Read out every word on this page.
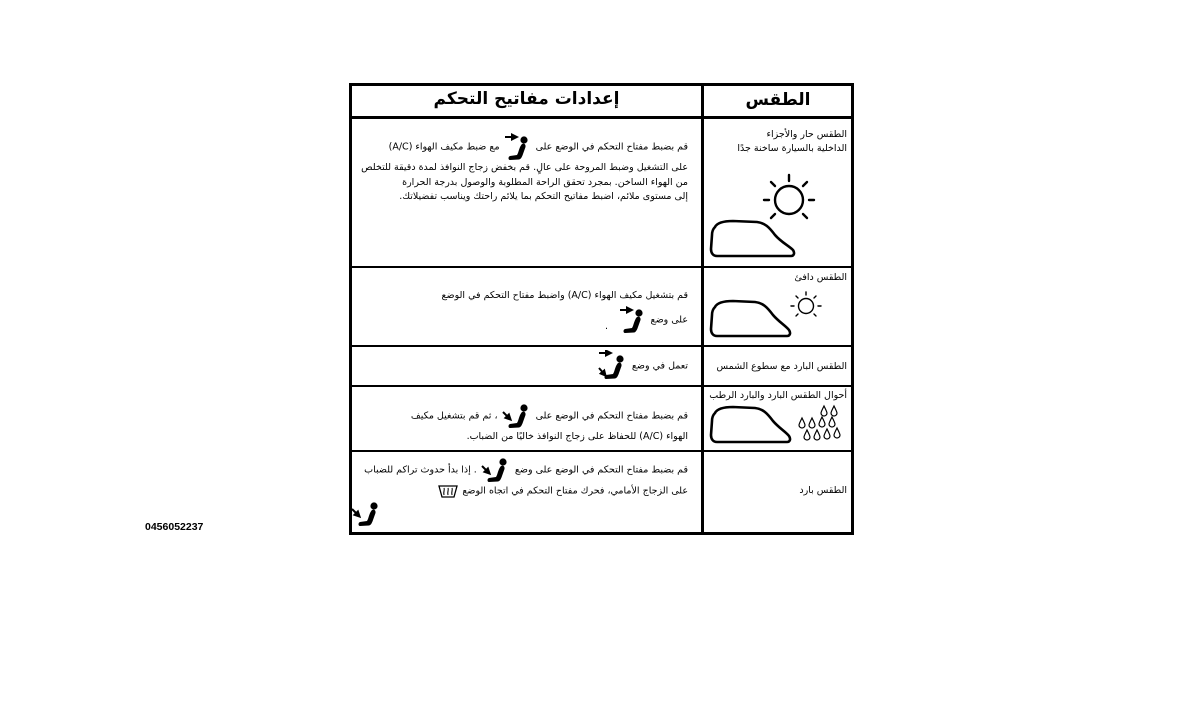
الطقس
إعدادات مفاتيح التحكم
الطقس حار والأجزاء
الداخلية بالسيارة ساخنة جدًا
قم بضبط مفتاح التحكم في الوضع على  مع ضبط مكيف الهواء (A/C)
على التشغيل وضبط المروحة على عالٍ. قم بخفض زجاج النوافذ لمدة دقيقة للتخلص
من الهواء الساخن. بمجرد تحقق الراحة المطلوبة والوصول بدرجة الحرارة
إلى مستوى ملائم، اضبط مفاتيح التحكم بما يلائم راحتك ويناسب تفضيلاتك.
الطقس دافئ
قم بتشغيل مكيف الهواء (A/C) واضبط مفتاح التحكم في الوضع
على وضع
.
الطقس البارد مع سطوع الشمس
تعمل في وضع
أحوال الطقس البارد والبارد الرطب
قم بضبط مفتاح التحكم في الوضع على  ، ثم قم بتشغيل مكيف
الهواء (A/C) للحفاظ على زجاج النوافذ خاليًا من الضباب.
الطقس بارد
قم بضبط مفتاح التحكم في الوضع على وضع  . إذا بدأ حدوث تراكم للضباب
على الزجاج الأمامي، فحرك مفتاح التحكم في اتجاه الوضع
0456052237
